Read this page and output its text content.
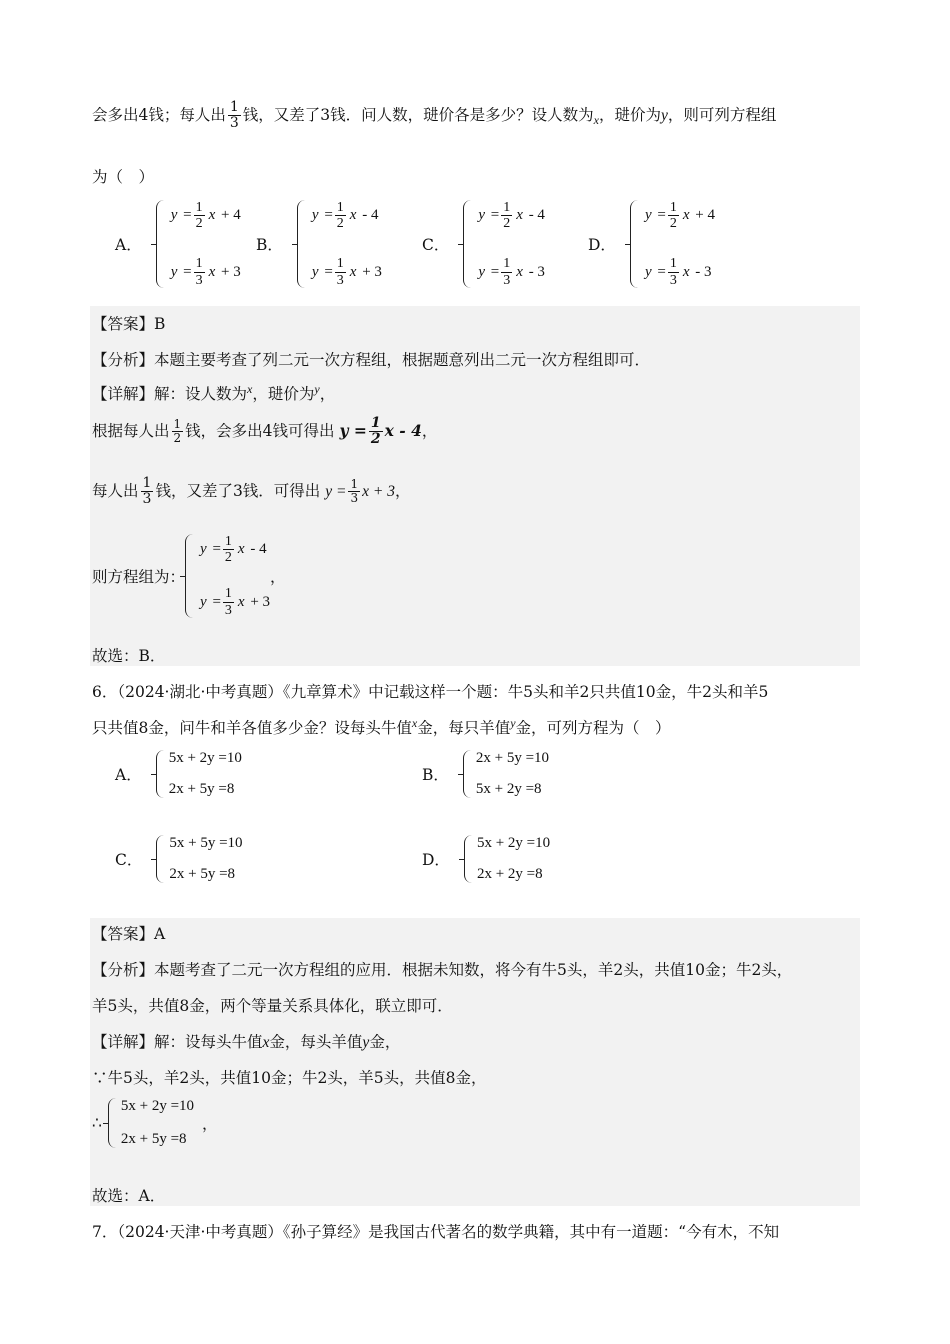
会多出4钱；每人出 $\frac{1}{3}$ 钱，又差了3钱．问人数，琎价各是多少？设人数为$_x$，琎价为y，则可列方程组
为（　）
A．
$y = \frac{1}{2}$ x + 4
$y = \frac{1}{3}$ x + 3
B．
$y = \frac{1}{2}$ x - 4
$y = \frac{1}{3}$ x + 3
C．
$y = \frac{1}{2}$ x - 4
$y = \frac{1}{3}$ x - 3
D．
$y = \frac{1}{2}$ x + 4
$y = \frac{1}{3}$ x - 3
【答案】B
【分析】本题主要考查了列二元一次方程组，根据题意列出二元一次方程组即可．
【详解】解：设人数为$^x$，琎价为$^y$，
根据每人出 $\frac{1}{2}$ 钱，会多出4钱可得出 $y = \frac{1}{2}$ x - 4，
每人出 $\frac{1}{3}$ 钱，又差了3钱．可得出 $y = \frac{1}{3}$ x + 3，
则方程组为：
$y = \frac{1}{2}$ x - 4
$y = \frac{1}{3}$ x + 3
，
故选：B．
6．（2024·湖北·中考真题）《九章算术》中记载这样一个题：牛5头和羊2只共值10金，牛2头和羊5
只共值8金，问牛和羊各值多少金？设每头牛值$^x$金，每只羊值$^y$金，可列方程为（　）
A．
5x + 2y =10
2x + 5y =8
B．
2x + 5y =10
5x + 2y =8
C．
5x + 5y =10
2x + 5y =8
D．
5x + 2y =10
2x + 2y =8
【答案】A
【分析】本题考查了二元一次方程组的应用．根据未知数，将今有牛5头，羊2头，共值10金；牛2头，
羊5头，共值8金，两个等量关系具体化，联立即可．
【详解】解：设每头牛值x金，每头羊值y金，
∵牛5头，羊2头，共值10金；牛2头，羊5头，共值8金，
∴
5x + 2y =10
2x + 5y =8
，
故选：A．
7．（2024·天津·中考真题）《孙子算经》是我国古代著名的数学典籍，其中有一道题：“今有木，不知
